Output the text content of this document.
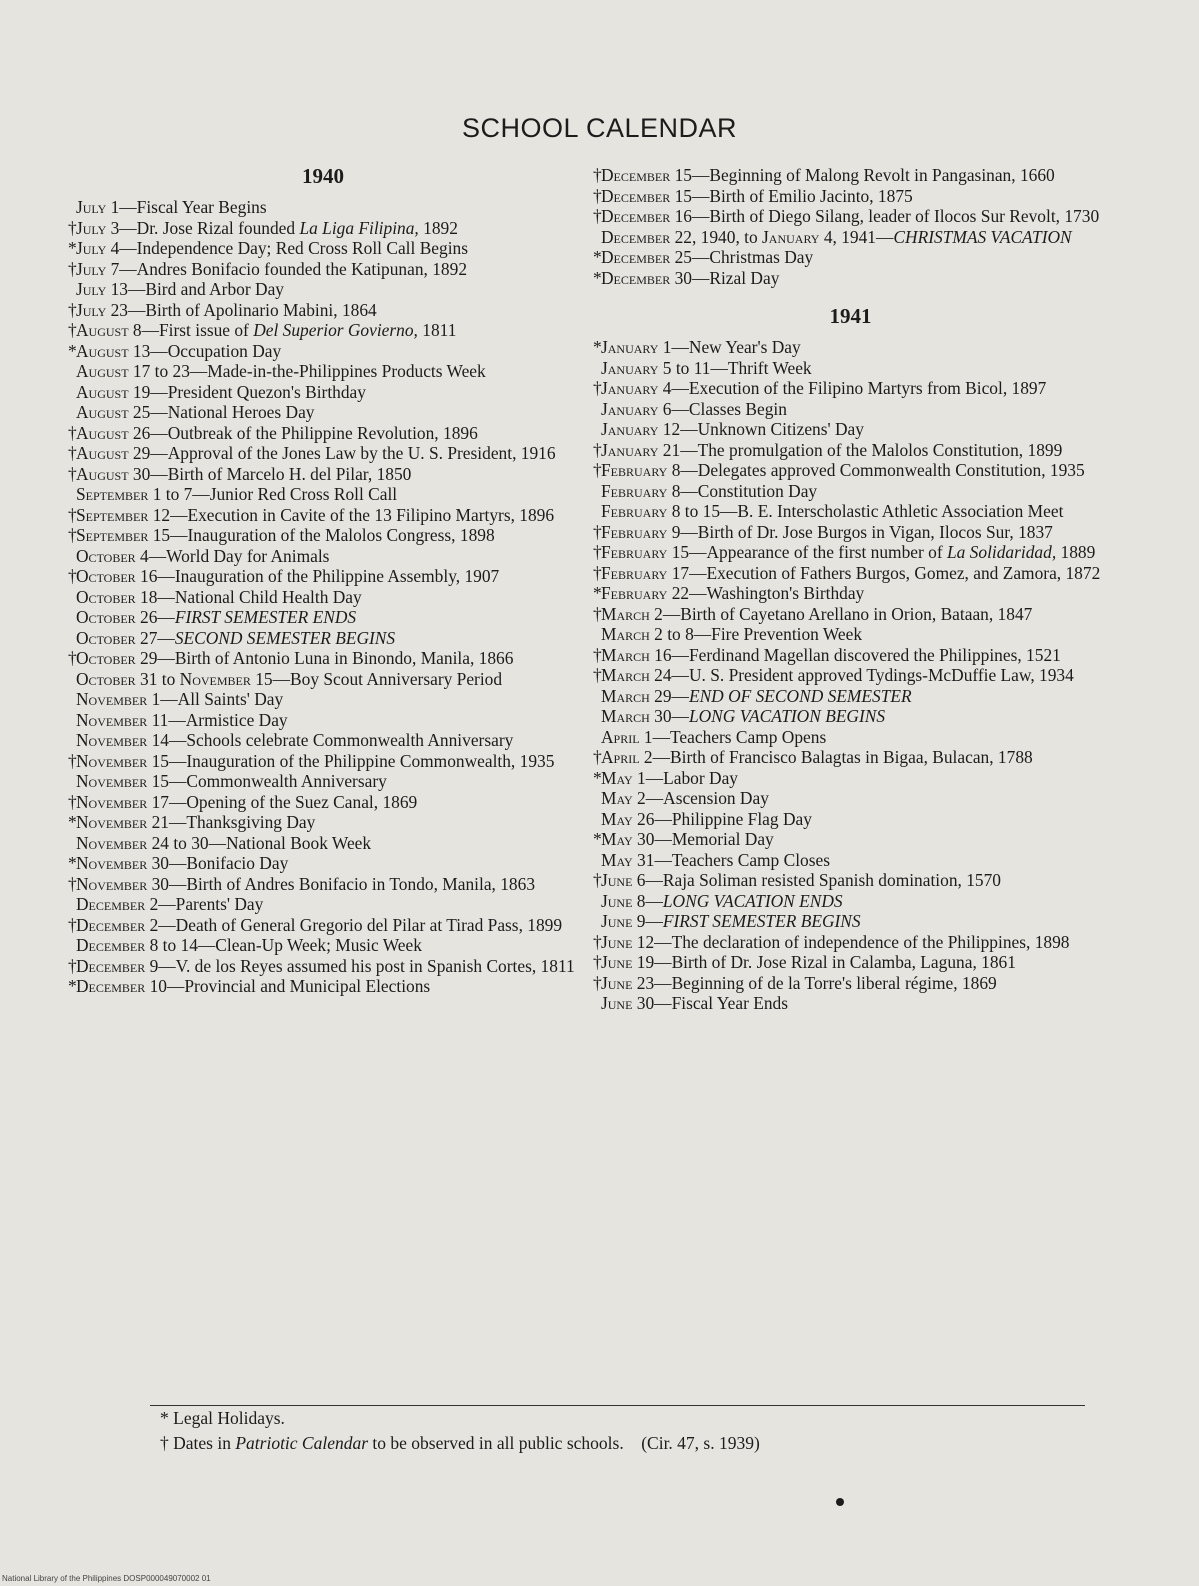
SCHOOL CALENDAR
1940
July 1—Fiscal Year Begins
†July 3—Dr. Jose Rizal founded La Liga Filipina, 1892
*July 4—Independence Day; Red Cross Roll Call Begins
†July 7—Andres Bonifacio founded the Katipunan, 1892
July 13—Bird and Arbor Day
†July 23—Birth of Apolinario Mabini, 1864
†August 8—First issue of Del Superior Govierno, 1811
*August 13—Occupation Day
August 17 to 23—Made-in-the-Philippines Products Week
August 19—President Quezon's Birthday
August 25—National Heroes Day
†August 26—Outbreak of the Philippine Revolution, 1896
†August 29—Approval of the Jones Law by the U. S. President, 1916
†August 30—Birth of Marcelo H. del Pilar, 1850
September 1 to 7—Junior Red Cross Roll Call
†September 12—Execution in Cavite of the 13 Filipino Martyrs, 1896
†September 15—Inauguration of the Malolos Congress, 1898
October 4—World Day for Animals
†October 16—Inauguration of the Philippine Assembly, 1907
October 18—National Child Health Day
October 26—FIRST SEMESTER ENDS
October 27—SECOND SEMESTER BEGINS
†October 29—Birth of Antonio Luna in Binondo, Manila, 1866
October 31 to November 15—Boy Scout Anniversary Period
November 1—All Saints' Day
November 11—Armistice Day
November 14—Schools celebrate Commonwealth Anniversary
†November 15—Inauguration of the Philippine Commonwealth, 1935
November 15—Commonwealth Anniversary
†November 17—Opening of the Suez Canal, 1869
*November 21—Thanksgiving Day
November 24 to 30—National Book Week
*November 30—Bonifacio Day
†November 30—Birth of Andres Bonifacio in Tondo, Manila, 1863
December 2—Parents' Day
†December 2—Death of General Gregorio del Pilar at Tirad Pass, 1899
December 8 to 14—Clean-Up Week; Music Week
†December 9—V. de los Reyes assumed his post in Spanish Cortes, 1811
*December 10—Provincial and Municipal Elections
†December 15—Beginning of Malong Revolt in Pangasinan, 1660
†December 15—Birth of Emilio Jacinto, 1875
†December 16—Birth of Diego Silang, leader of Ilocos Sur Revolt, 1730
December 22, 1940, to January 4, 1941—CHRISTMAS VACATION
*December 25—Christmas Day
*December 30—Rizal Day
1941
*January 1—New Year's Day
January 5 to 11—Thrift Week
†January 4—Execution of the Filipino Martyrs from Bicol, 1897
January 6—Classes Begin
January 12—Unknown Citizens' Day
†January 21—The promulgation of the Malolos Constitution, 1899
†February 8—Delegates approved Commonwealth Constitution, 1935
February 8—Constitution Day
February 8 to 15—B. E. Interscholastic Athletic Association Meet
†February 9—Birth of Dr. Jose Burgos in Vigan, Ilocos Sur, 1837
†February 15—Appearance of the first number of La Solidaridad, 1889
†February 17—Execution of Fathers Burgos, Gomez, and Zamora, 1872
*February 22—Washington's Birthday
†March 2—Birth of Cayetano Arellano in Orion, Bataan, 1847
March 2 to 8—Fire Prevention Week
†March 16—Ferdinand Magellan discovered the Philippines, 1521
†March 24—U. S. President approved Tydings-McDuffie Law, 1934
March 29—END OF SECOND SEMESTER
March 30—LONG VACATION BEGINS
April 1—Teachers Camp Opens
†April 2—Birth of Francisco Balagtas in Bigaa, Bulacan, 1788
*May 1—Labor Day
May 2—Ascension Day
May 26—Philippine Flag Day
*May 30—Memorial Day
May 31—Teachers Camp Closes
†June 6—Raja Soliman resisted Spanish domination, 1570
June 8—LONG VACATION ENDS
June 9—FIRST SEMESTER BEGINS
†June 12—The declaration of independence of the Philippines, 1898
†June 19—Birth of Dr. Jose Rizal in Calamba, Laguna, 1861
†June 23—Beginning of de la Torre's liberal régime, 1869
June 30—Fiscal Year Ends
* Legal Holidays.
† Dates in Patriotic Calendar to be observed in all public schools. (Cir. 47, s. 1939)
National Library of the Philippines DOSP000049070002 01
